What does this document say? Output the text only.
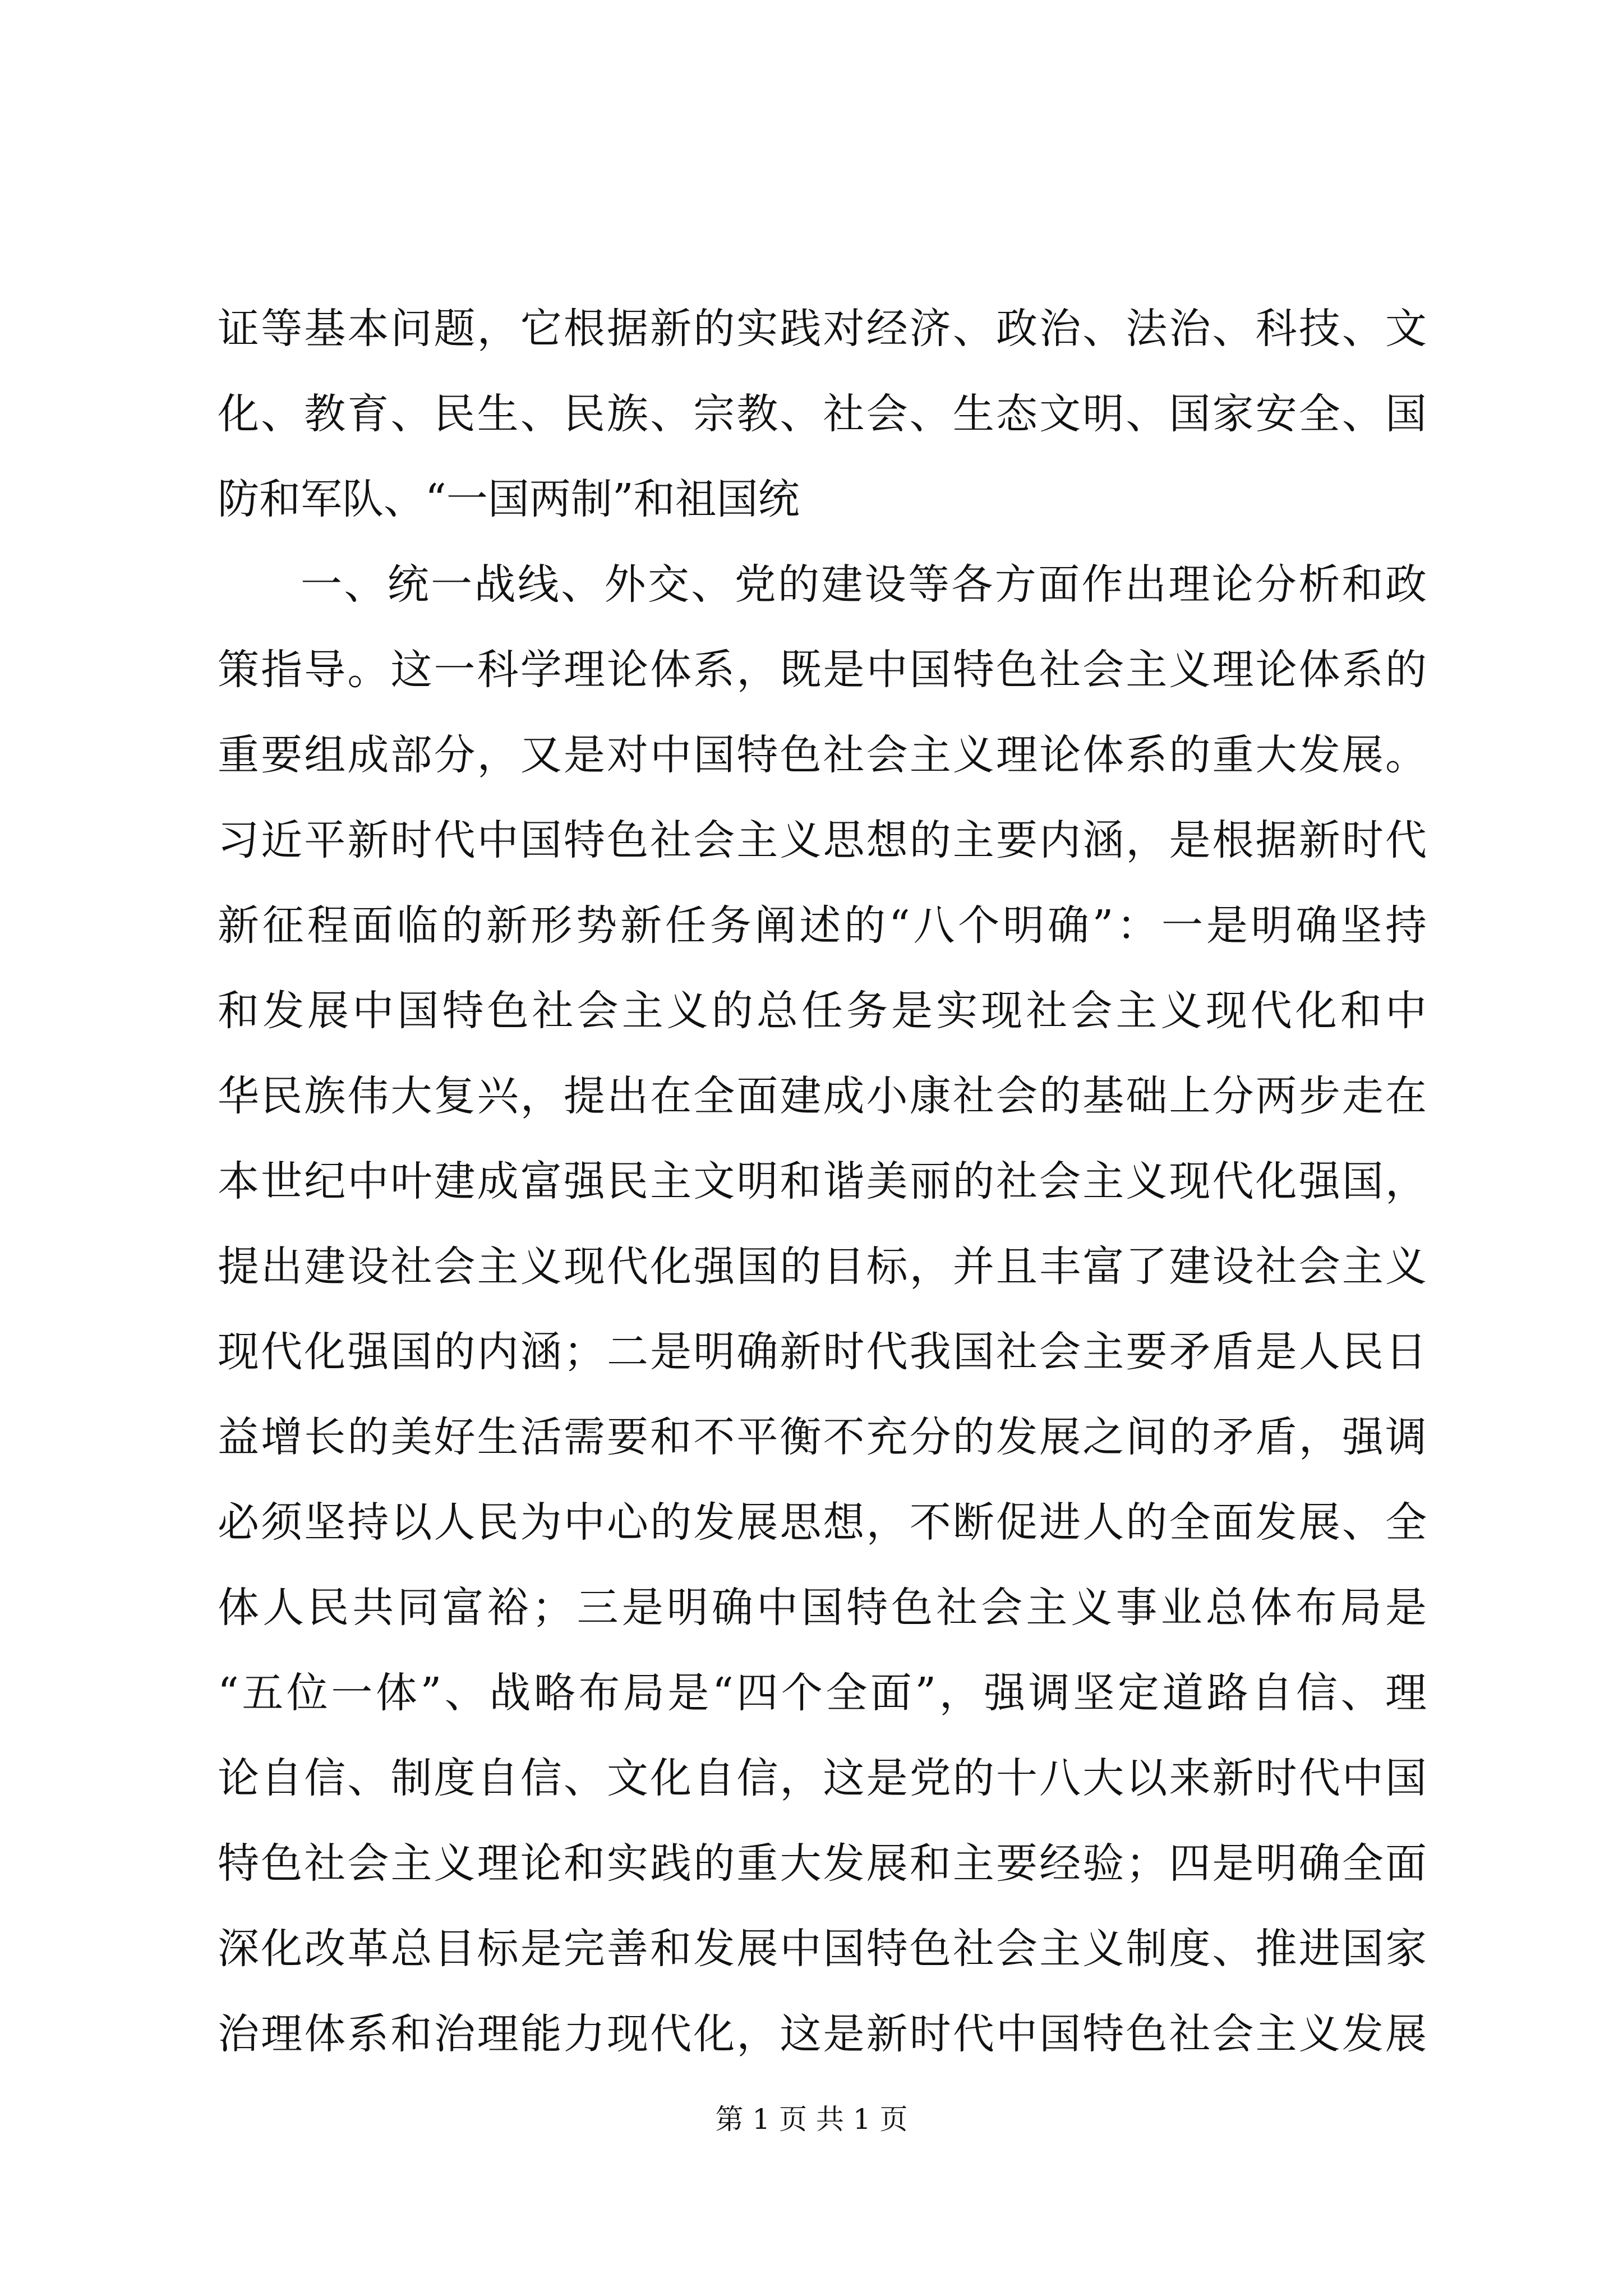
证等基本问题，它根据新的实践对经济、政治、法治、科技、文
化、教育、民生、民族、宗教、社会、生态文明、国家安全、国
防和军队、“一国两制”和祖国统
一、统一战线、外交、党的建设等各方面作出理论分析和政
策指导。这一科学理论体系，既是中国特色社会主义理论体系的
重要组成部分，又是对中国特色社会主义理论体系的重大发展。
习近平新时代中国特色社会主义思想的主要内涵，是根据新时代
新征程面临的新形势新任务阐述的“八个明确”：一是明确坚持
和发展中国特色社会主义的总任务是实现社会主义现代化和中
华民族伟大复兴，提出在全面建成小康社会的基础上分两步走在
本世纪中叶建成富强民主文明和谐美丽的社会主义现代化强国，
提出建设社会主义现代化强国的目标，并且丰富了建设社会主义
现代化强国的内涵；二是明确新时代我国社会主要矛盾是人民日
益增长的美好生活需要和不平衡不充分的发展之间的矛盾，强调
必须坚持以人民为中心的发展思想，不断促进人的全面发展、全
体人民共同富裕；三是明确中国特色社会主义事业总体布局是
“五位一体”、战略布局是“四个全面”，强调坚定道路自信、理
论自信、制度自信、文化自信，这是党的十八大以来新时代中国
特色社会主义理论和实践的重大发展和主要经验；四是明确全面
深化改革总目标是完善和发展中国特色社会主义制度、推进国家
治理体系和治理能力现代化，这是新时代中国特色社会主义发展
第 1 页 共 1 页
